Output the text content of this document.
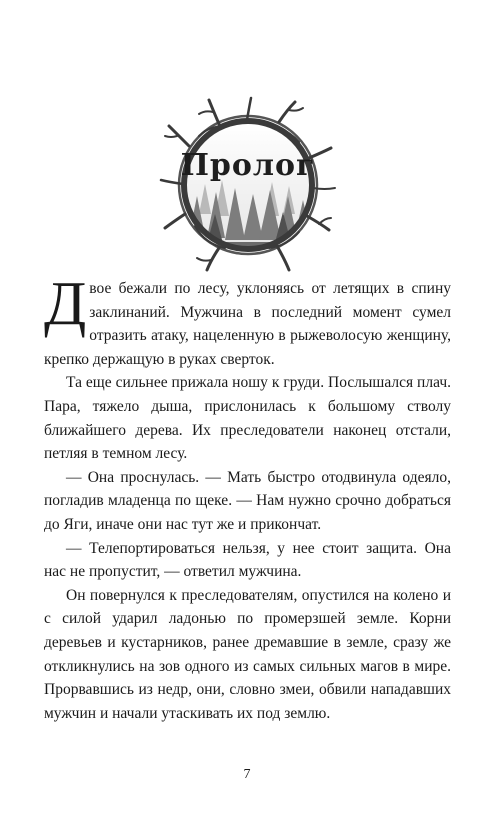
Пролог

Двое бежали по лесу, уклоняясь от летящих в спину заклинаний. Мужчина в последний момент сумел отразить атаку, нацеленную в рыжеволосую женщину, крепко держащую в руках сверток.

Та еще сильнее прижала ношу к груди. Послышался плач. Пара, тяжело дыша, прислонилась к большому стволу ближайшего дерева. Их преследователи наконец отстали, петляя в темном лесу.

— Она проснулась. — Мать быстро отодвинула одеяло, погладив младенца по щеке. — Нам нужно срочно добраться до Яги, иначе они нас тут же и прикончат.

— Телепортироваться нельзя, у нее стоит защита. Она нас не пропустит, — ответил мужчина.

Он повернулся к преследователям, опустился на колено и с силой ударил ладонью по промерзшей земле. Корни деревьев и кустарников, ранее дремавшие в земле, сразу же откликнулись на зов одного из самых сильных магов в мире. Прорвавшись из недр, они, словно змеи, обвили нападавших мужчин и начали утаскивать их под землю.

7
